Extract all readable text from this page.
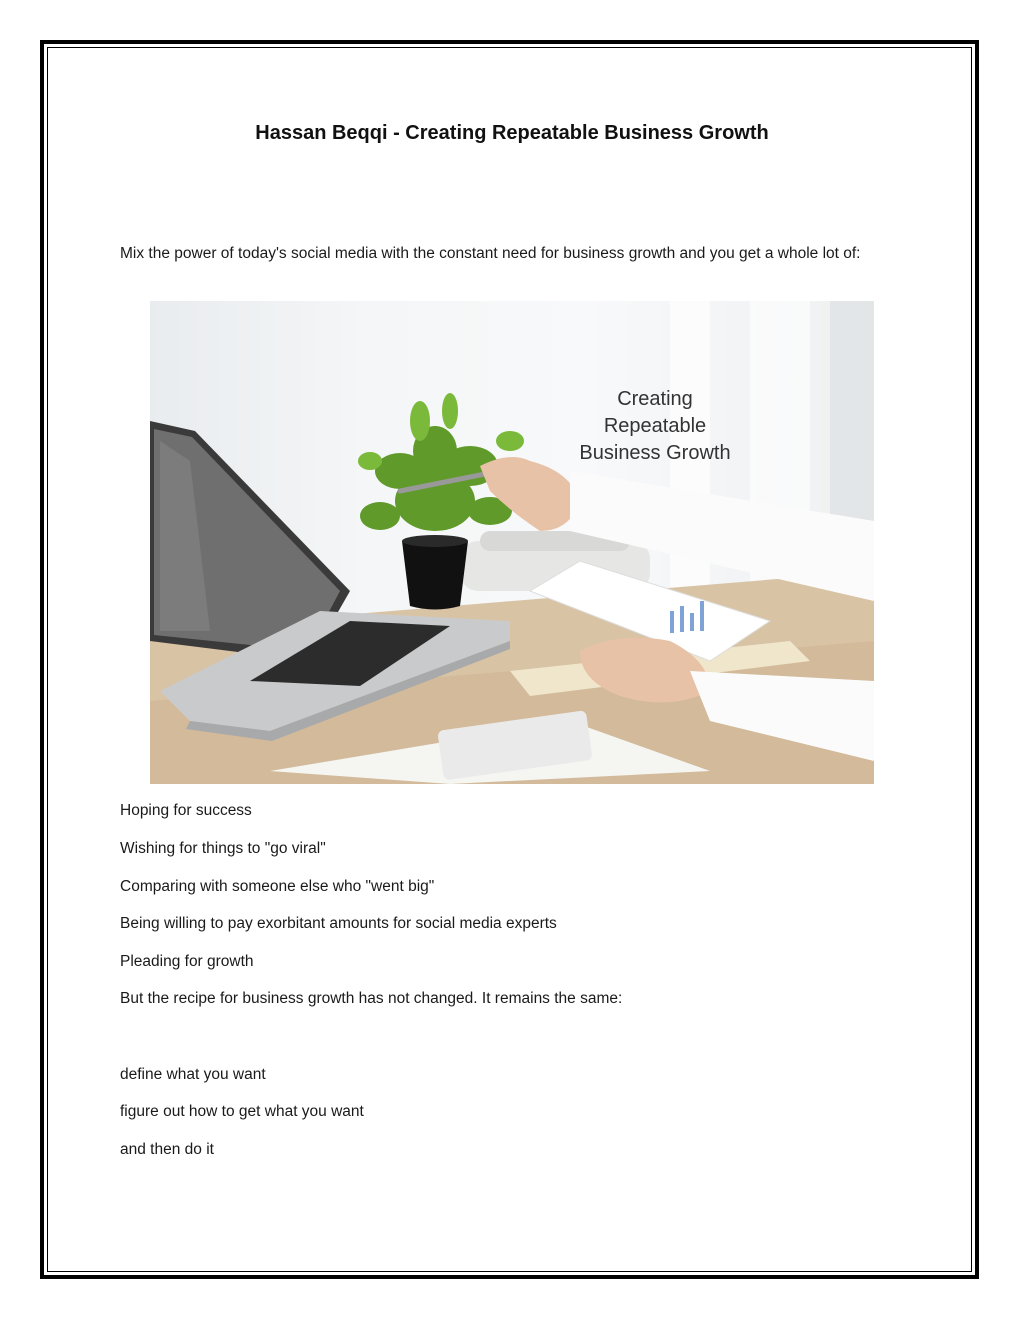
Hassan Beqqi - Creating Repeatable Business Growth
Mix the power of today's social media with the constant need for business growth and you get a whole lot of:
Creating
Repeatable
Business Growth
Hoping for success
Wishing for things to "go viral"
Comparing with someone else who "went big"
Being willing to pay exorbitant amounts for social media experts
Pleading for growth
But the recipe for business growth has not changed. It remains the same:
define what you want
figure out how to get what you want
and then do it
